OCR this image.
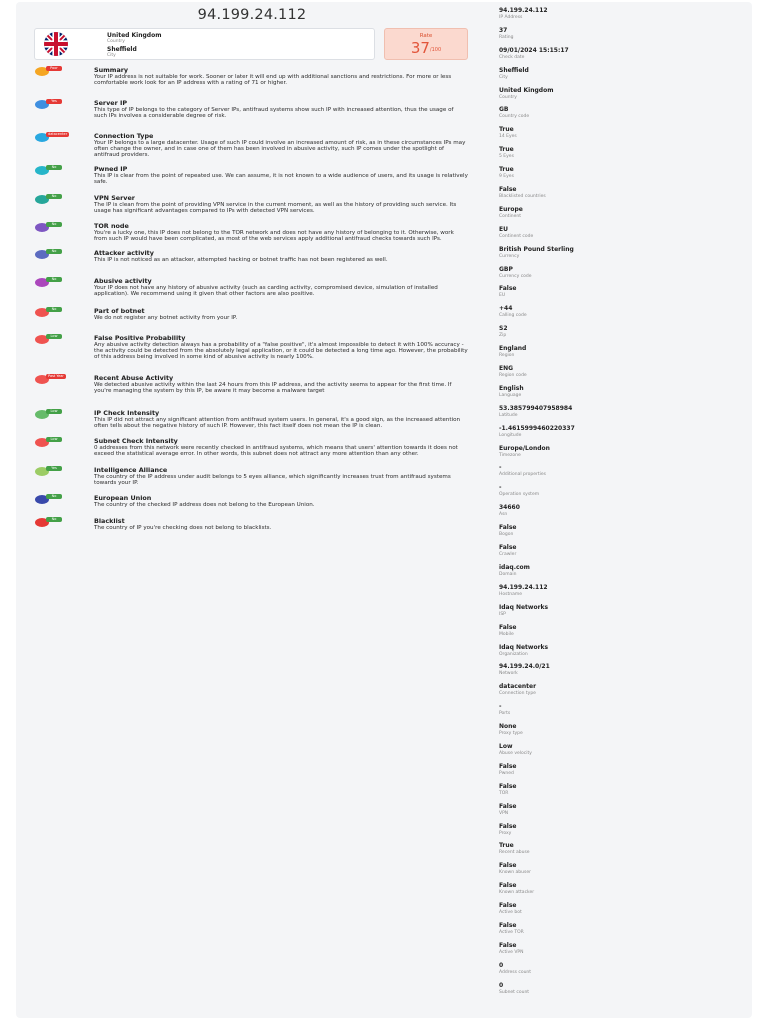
94.199.24.112
United Kingdom
Country
Sheffield
City
Rate
$37^{/100}$
Poor	Summary
Your IP address is not suitable for work. Sooner or later it will end up with additional sanctions and restrictions. For more or less comfortable work look for an IP address with a rating of 71 or higher.
Yes	Server IP
This type of IP belongs to the category of Server IPs, antifraud systems show such IP with increased attention, thus the usage of such IPs involves a considerable degree of risk.
datacenter	Connection Type
Your IP belongs to a large datacenter. Usage of such IP could involve an increased amount of risk, as in these circumstances IPs may often change the owner, and in case one of them has been involved in abusive activity, such IP comes under the spotlight of antifraud providers.
No	Pwned IP
This IP is clear from the point of repeated use. We can assume, it is not known to a wide audience of users, and its usage is relatively safe.
No	VPN Server
The IP is clean from the point of providing VPN service in the current moment, as well as the history of providing such service. Its usage has significant advantages compared to IPs with detected VPN services.
No	TOR node
You're a lucky one, this IP does not belong to the TOR network and does not have any history of belonging to it. Otherwise, work from such IP would have been complicated, as most of the web services apply additional antifraud checks towards such IPs.
No	Attacker activity
This IP is not noticed as an attacker, attempted hacking or botnet traffic has not been registered as well.
No	Abusive activity
Your IP does not have any history of abusive activity (such as carding activity, compromised device, simulation of installed application). We recommend using it given that other factors are also positive.
No	Part of botnet
We do not register any botnet activity from your IP.
Low	False Positive Probability
Any abusive activity detection always has a probability of a "false positive", it's almost impossible to detect it with 100% accuracy - the activity could be detected from the absolutely legal application, or it could be detected a long time ago. However, the probability of this address being involved in some kind of abusive activity is nearly 100%.
Past Year	Recent Abuse Activity
We detected abusive activity within the last 24 hours from this IP address, and the activity seems to appear for the first time. If you're managing the system by this IP, be aware it may become a malware target
Low	IP Check Intensity
This IP did not attract any significant attention from antifraud system users. In general, it's a good sign, as the increased attention often tells about the negative history of such IP. However, this fact itself does not mean the IP is clean.
Low	Subnet Check Intensity
0 addresses from this network were recently checked in antifraud systems, which means that users' attention towards it does not exceed the statistical average error. In other words, this subnet does not attract any more attention than any other.
Yes	Intelligence Alliance
The country of the IP address under audit belongs to 5 eyes alliance, which significantly increases trust from antifraud systems towards your IP.
No	European Union
The country of the checked IP address does not belong to the European Union.
No	Blacklist
The country of IP you're checking does not belong to blacklists.
94.199.24.112
IP Address
37
Rating
09/01/2024 15:15:17
Check date
Sheffield
City
United Kingdom
Country
GB
Country code
True
14 Eyes
True
5 Eyes
True
9 Eyes
False
Blacklisted countries
Europe
Continent
EU
Continent code
British Pound Sterling
Currency
GBP
Currency code
False
EU
+44
Calling code
S2
Zip
England
Region
ENG
Region code
English
Language
53.385799407958984
Latitude
-1.4615999460220337
Longitude
Europe/London
Timezone
-
Additional properties
-
Operation system
34660
Asn
False
Bogon
False
Crawler
idaq.com
Domain
94.199.24.112
Hostname
Idaq Networks
ISP
False
Mobile
Idaq Networks
Organization
94.199.24.0/21
Network
datacenter
Connection type
-
Ports
None
Proxy type
Low
Abuse velocity
False
Pwned
False
TOR
False
VPN
False
Proxy
True
Recent abuse
False
Known abuser
False
Known attacker
False
Active bot
False
Active TOR
False
Active VPN
0
Address count
0
Subnet count
